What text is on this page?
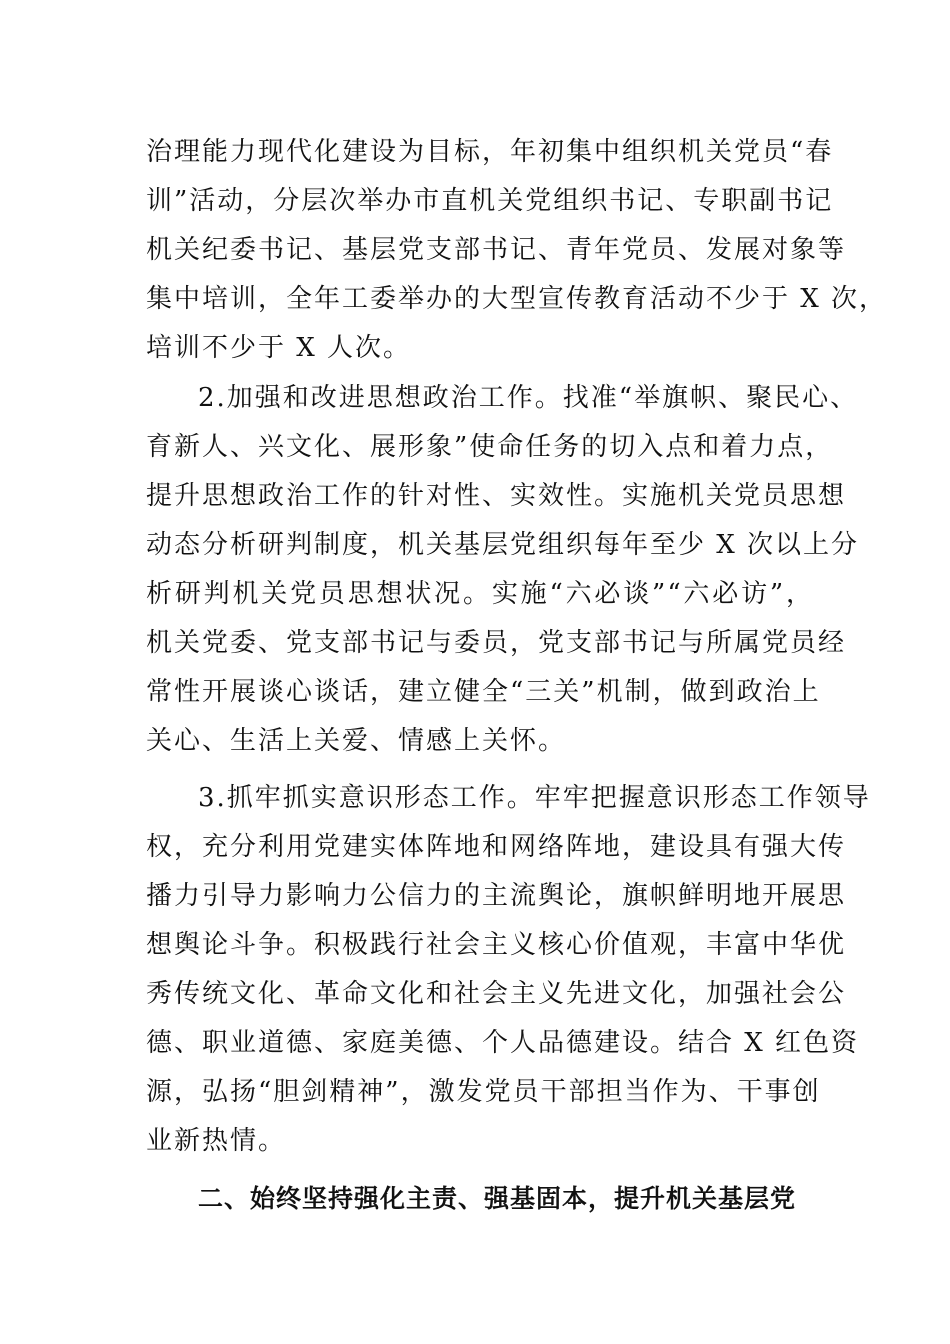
治理能力现代化建设为目标，年初集中组织机关党员“春
训”活动，分层次举办市直机关党组织书记、专职副书记
机关纪委书记、基层党支部书记、青年党员、发展对象等
集中培训，全年工委举办的大型宣传教育活动不少于 X 次，
培训不少于 X 人次。
2.加强和改进思想政治工作。找准“举旗帜、聚民心、
育新人、兴文化、展形象”使命任务的切入点和着力点，
提升思想政治工作的针对性、实效性。实施机关党员思想
动态分析研判制度，机关基层党组织每年至少 X 次以上分
析研判机关党员思想状况。实施“六必谈”“六必访”，
机关党委、党支部书记与委员，党支部书记与所属党员经
常性开展谈心谈话，建立健全“三关”机制，做到政治上
关心、生活上关爱、情感上关怀。
3.抓牢抓实意识形态工作。牢牢把握意识形态工作领导
权，充分利用党建实体阵地和网络阵地，建设具有强大传
播力引导力影响力公信力的主流舆论，旗帜鲜明地开展思
想舆论斗争。积极践行社会主义核心价值观，丰富中华优
秀传统文化、革命文化和社会主义先进文化，加强社会公
德、职业道德、家庭美德、个人品德建设。结合 X 红色资
源，弘扬“胆剑精神”，激发党员干部担当作为、干事创
业新热情。
二、始终坚持强化主责、强基固本，提升机关基层党
